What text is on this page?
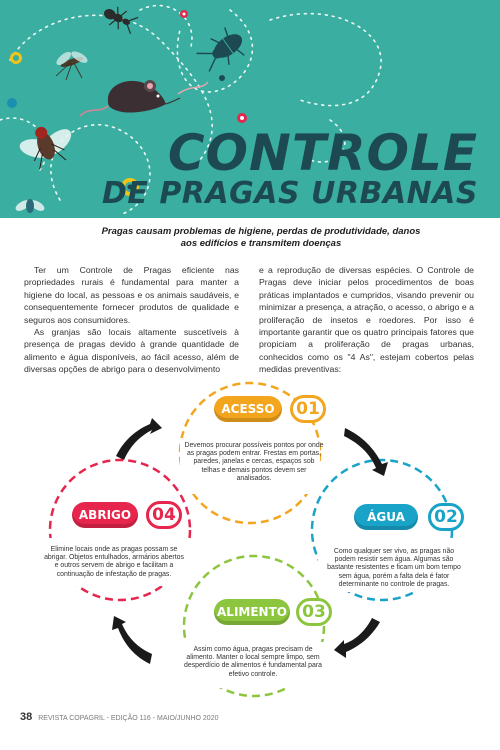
CONTROLE
DE PRAGAS URBANAS
Pragas causam problemas de higiene, perdas de produtividade, danos aos edifícios e transmitem doenças

Ter um Controle de Pragas eficiente nas propriedades rurais é fundamental para manter a higiene do local, as pessoas e os animais saudáveis, e consequentemente fornecer produtos de qualidade e seguros aos consumidores.

As granjas são locais altamente suscetíveis à presença de pragas devido à grande quantidade de alimento e água disponíveis, ao fácil acesso, além de diversas opções de abrigo para o desenvolvimento

e a reprodução de diversas espécies. O Controle de Pragas deve iniciar pelos procedimentos de boas práticas implantados e cumpridos, visando prevenir ou minimizar a presença, a atração, o acesso, o abrigo e a proliferação de insetos e roedores. Por isso é importante garantir que os quatro principais fatores que propiciam a proliferação de pragas urbanas, conhecidos como os "4 As", estejam cobertos pelas medidas preventivas:

ACESSO	01
Devemos procurar possíveis pontos por onde as pragas podem entrar. Frestas em portas, paredes, janelas e cercas, espaços sob telhas e demais pontos devem ser analisados.
ÁGUA	02
Como qualquer ser vivo, as pragas não podem resistir sem água. Algumas são bastante resistentes e ficam um bom tempo sem água, porém a falta dela é fator determinante no controle de pragas.
ALIMENTO 03
Assim como água, pragas precisam de alimento. Manter o local sempre limpo, sem desperdício de alimentos é fundamental para efetivo controle.
ABRIGO	04
Elimine locais onde as pragas possam se abrigar. Objetos entulhados, armários abertos e outros servem de abrigo e facilitam a continuação de infestação de pragas.
38 REVISTA COPAGRIL - EDIÇÃO 116 - MAIO/JUNHO 2020
